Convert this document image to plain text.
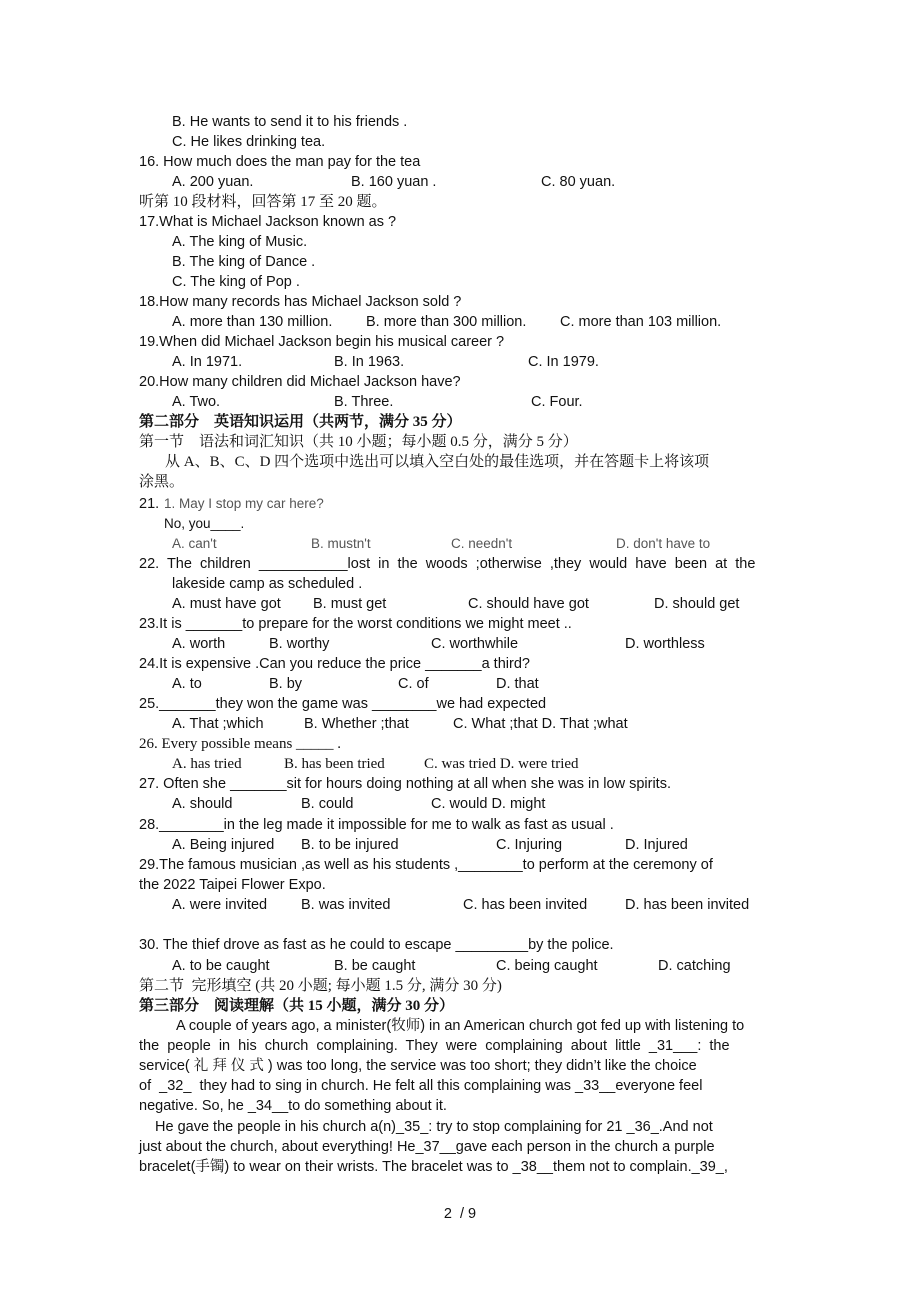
B. He wants to send it to his friends .
C. He likes drinking tea.
16. How much does the man pay for the tea
A. 200 yuan.	B. 160 yuan .	C. 80 yuan.
听第 10 段材料，回答第 17 至 20 题。
17.What is Michael Jackson known as ?
A. The king of Music.
B. The king of Dance .
C. The king of Pop .
18.How many records has Michael Jackson sold ?
A. more than 130 million. B. more than 300 million. C. more than 103 million.
19.When did Michael Jackson begin his musical career ?
A. In 1971.	B. In 1963.	C. In 1979.
20.How many children did Michael Jackson have?
A. Two.	B. Three.	C. Four.
第二部分　英语知识运用（共两节，满分 35 分）
第一节　语法和词汇知识（共 10 小题；每小题 0.5 分，满分 5 分）
从 A、B、C、D 四个选项中选出可以填入空白处的最佳选项，并在答题卡上将该项
涂黑。
21. 1. May I stop my car here?
No, you____.
A. can't	B. mustn't	C. needn't	D. don't have to
22.  The  children  ___________lost  in  the  woods  ;otherwise  ,they  would  have  been  at  the
lakeside camp as scheduled .
A. must have got B. must get	C. should have got	D. should get
23.It is _______to prepare for the worst conditions we might meet ..
A. worth	B. worthy	C. worthwhile	D. worthless
24.It is expensive .Can you reduce the price _______a third?
A. to	B. by	C. of	D. that
25._______they won the game was ________we had expected
A. That ;which	B. Whether ;that	C. What ;that D. That ;what
26. Every possible means _____ .
A. has tried	B. has been tried	C. was tried D. were tried
27. Often she _______sit for hours doing nothing at all when she was in low spirits.
A. should	B. could	C. would D. might
28.________in the leg made it impossible for me to walk as fast as usual .
A. Being injured B. to be injured	C. Injuring	D. Injured
29.The famous musician ,as well as his students ,________to perform at the ceremony of
the 2022 Taipei Flower Expo.
A. were invited B. was invited	C. has been invited	D. has been invited
30. The thief drove as fast as he could to escape _________by the police.
A. to be caught	B. be caught	C. being caught	D. catching
第二节  完形填空 (共 20 小题; 每小题 1.5 分, 满分 30 分)
第三部分　阅读理解（共 15 小题，满分 30 分）
A couple of years ago, a minister(牧师) in an American church got fed up with listening to
the  people  in  his  church  complaining.  They  were  complaining  about  little  _31___:  the
service( 礼 拜 仪 式 ) was too long, the service was too short; they didn’t like the choice
of  _32_  they had to sing in church. He felt all this complaining was _33__everyone feel
negative. So, he _34__to do something about it.
He gave the people in his church a(n)_35_: try to stop complaining for 21 _36_.And not
just about the church, about everything! He_37__gave each person in the church a purple
bracelet(手镯) to wear on their wrists. The bracelet was to _38__them not to complain._39_,
2  / 9
